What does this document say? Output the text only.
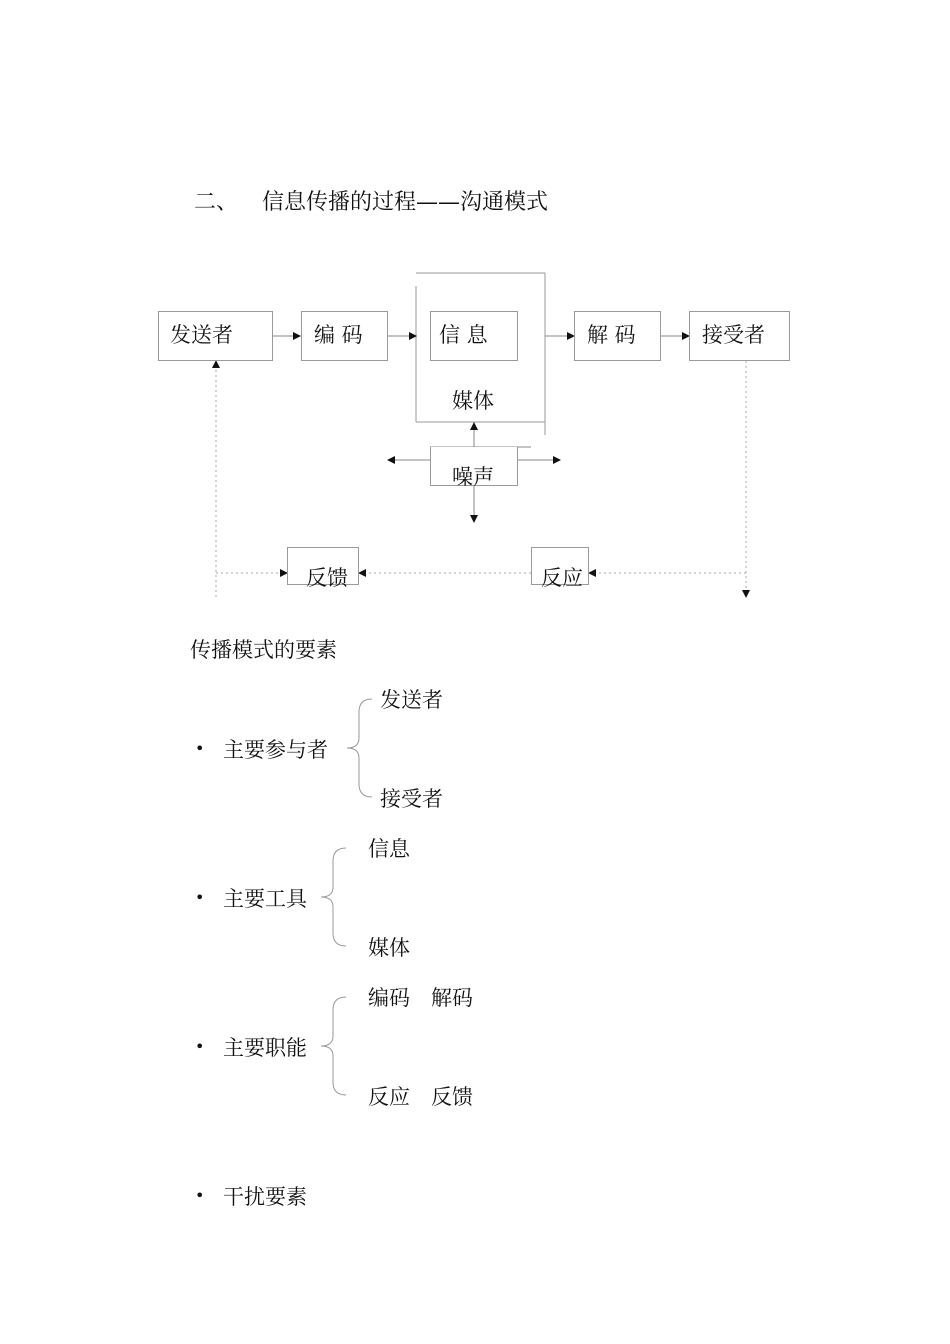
二、 信息传播的过程——沟通模式
发送者	编 码	信 息
媒体
解 码	接受者
噪声
反馈	反应
传播模式的要素
• 主要参与者
发送者
接受者
• 主要工具
信息
媒体
• 主要职能
编码　解码
反应　反馈
• 干扰要素
